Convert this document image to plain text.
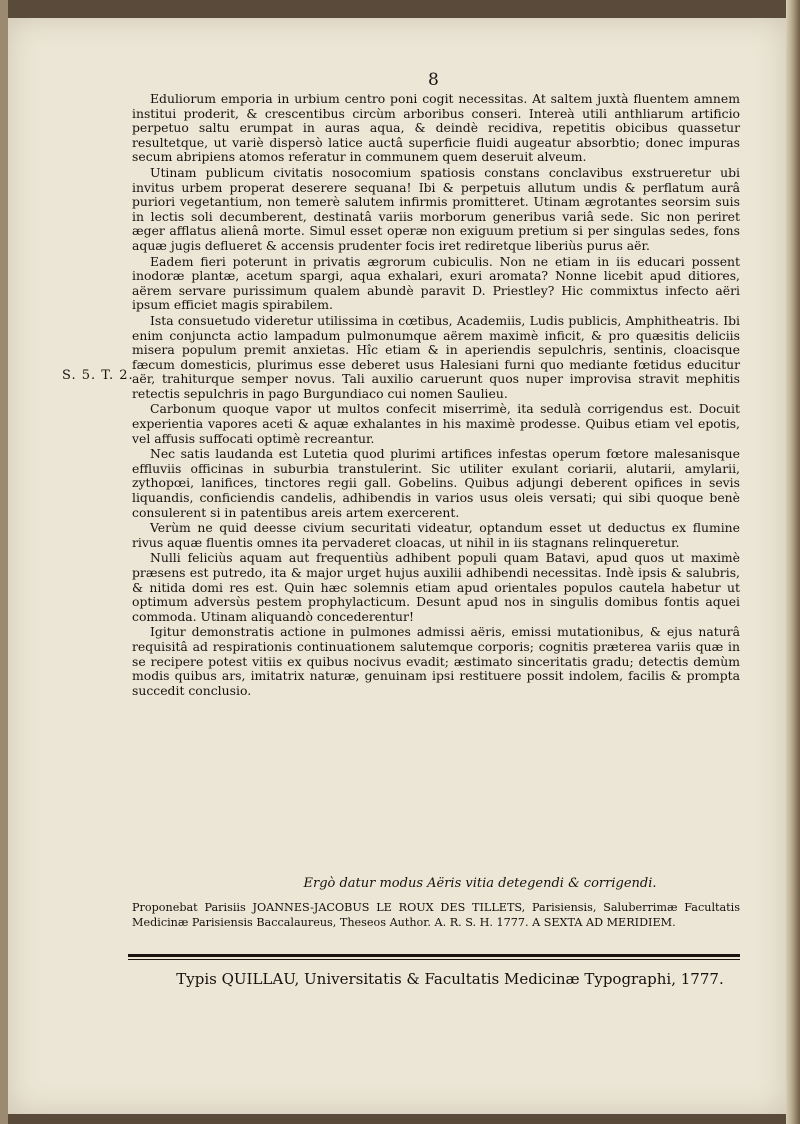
8
S. 5. T. 2.

Eduliorum emporia in urbium centro poni cogit necessitas. At saltem juxtà fluentem amnem institui proderit, & crescentibus circùm arboribus conseri. Intereà utili anthliarum artificio perpetuo saltu erumpat in auras aqua, & deindè recidiva, repetitis obicibus quassetur resultetque, ut variè dispersò latice auctâ superficie fluidi augeatur absorbtio; donec impuras secum abripiens atomos referatur in communem quem deseruit alveum.

Utinam publicum civitatis nosocomium spatiosis constans conclavibus exstrueretur ubi invitus urbem properat deserere sequana! Ibi & perpetuis allutum undis & perflatum aurâ puriori vegetantium, non temerè salutem infirmis promitteret. Utinam ægrotantes seorsim suis in lectis soli decumberent, destinatâ variis morborum generibus variâ sede. Sic non periret æger afflatus alienâ morte. Simul esset operæ non exiguum pretium si per singulas sedes, fons aquæ jugis deflueret & accensis prudenter focis iret rediretque liberiùs purus aër.

Eadem fieri poterunt in privatis ægrorum cubiculis. Non ne etiam in iis educari possent inodoræ plantæ, acetum spargi, aqua exhalari, exuri aromata? Nonne licebit apud ditiores, aërem servare purissimum qualem abundè paravit D. Priestley? Hic commixtus infecto aëri ipsum efficiet magis spirabilem.

Ista consuetudo videretur utilissima in cœtibus, Academiis, Ludis publicis, Amphitheatris. Ibi enim conjuncta actio lampadum pulmonumque aërem maximè inficit, & pro quæsitis deliciis misera populum premit anxietas. Hîc etiam & in aperiendis sepulchris, sentinis, cloacisque fæcum domesticis, plurimus esse deberet usus Halesiani furni quo mediante fœtidus educitur aër, trahiturque semper novus. Tali auxilio caruerunt quos nuper improvisa stravit mephitis retectis sepulchris in pago Burgundiaco cui nomen Saulieu.

Carbonum quoque vapor ut multos confecit miserrimè, ita sedulà corrigendus est. Docuit experientia vapores aceti & aquæ exhalantes in his maximè prodesse. Quibus etiam vel epotis, vel affusis suffocati optimè recreantur.

Nec satis laudanda est Lutetia quod plurimi artifices infestas operum fœtore malesanisque effluviis officinas in suburbia transtulerint. Sic utiliter exulant coriarii, alutarii, amylarii, zythopœi, lanifices, tinctores regii gall. Gobelins. Quibus adjungi deberent opifices in sevis liquandis, conficiendis candelis, adhibendis in varios usus oleis versati; qui sibi quoque benè consulerent si in patentibus areis artem exercerent.

Verùm ne quid deesse civium securitati videatur, optandum esset ut deductus ex flumine rivus aquæ fluentis omnes ita pervaderet cloacas, ut nihil in iis stagnans relinqueretur.

Nulli feliciùs aquam aut frequentiùs adhibent populi quam Batavi, apud quos ut maximè præsens est putredo, ita & major urget hujus auxilii adhibendi necessitas. Indè ipsis & salubris, & nitida domi res est. Quin hæc solemnis etiam apud orientales populos cautela habetur ut optimum adversùs pestem prophylacticum. Desunt apud nos in singulis domibus fontis aquei commoda. Utinam aliquandò concederentur!

Igitur demonstratis actione in pulmones admissi aëris, emissi mutationibus, & ejus naturâ requisitâ ad respirationis continuationem salutemque corporis; cognitis præterea variis quæ in se recipere potest vitiis ex quibus nocivus evadit; æstimato sinceritatis gradu; detectis demùm modis quibus ars, imitatrix naturæ, genuinam ipsi restituere possit indolem, facilis & prompta succedit conclusio.

Ergò datur modus Aëris vitia detegendi & corrigendi.
Proponebat Parisiis JOANNES-JACOBUS LE ROUX DES TILLETS, Parisiensis, Saluberrimæ Facultatis Medicinæ Parisiensis Baccalaureus, Theseos Author. A. R. S. H. 1777. A SEXTA AD MERIDIEM.
Typis QUILLAU, Universitatis & Facultatis Medicinæ Typographi, 1777.
